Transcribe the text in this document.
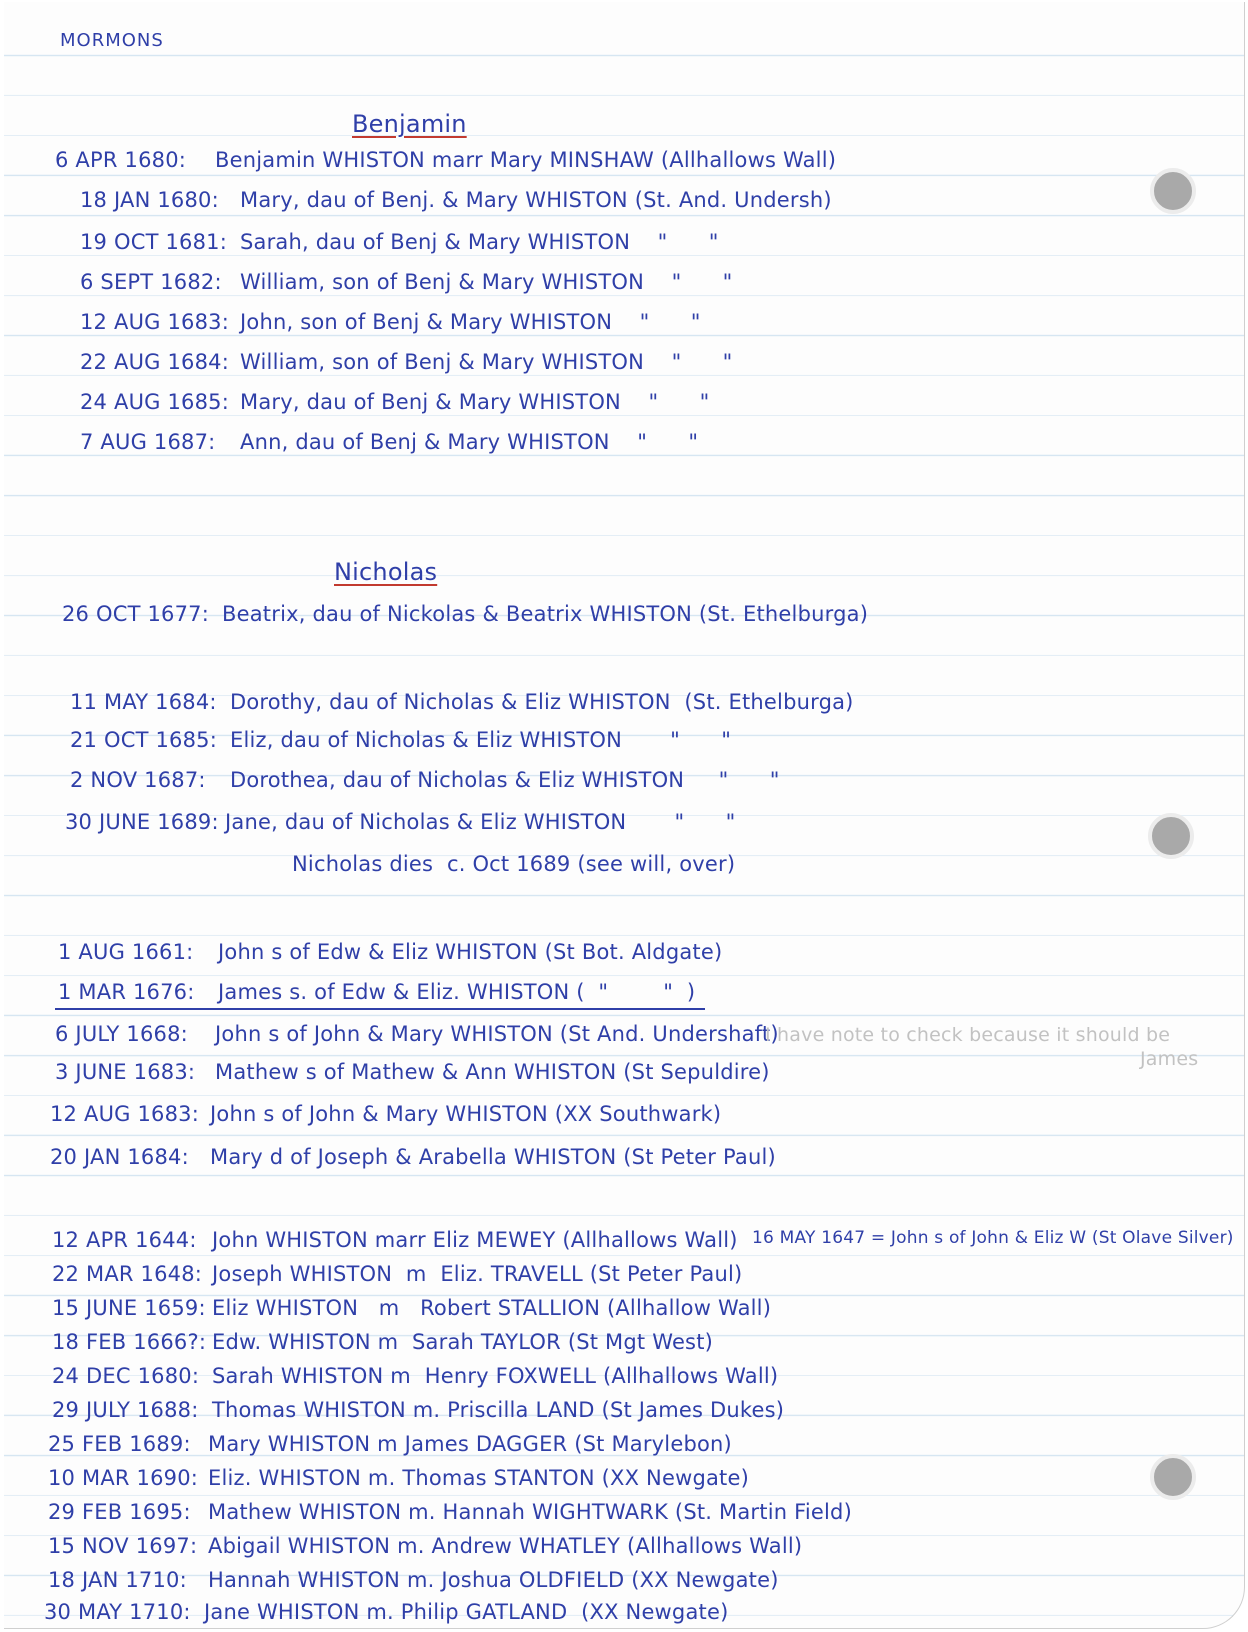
MORMONS
Benjamin
6 APR 1680: Benjamin WHISTON marr Mary MINSHAW (Allhallows Wall)
18 JAN 1680: Mary, dau of Benj. & Mary WHISTON (St. And. Undersh)
19 OCT 1681: Sarah, dau of Benj & Mary WHISTON    "      "
6 SEPT 1682: William, son of Benj & Mary WHISTON    "      "
12 AUG 1683: John, son of Benj & Mary WHISTON    "      "
22 AUG 1684: William, son of Benj & Mary WHISTON    "      "
24 AUG 1685: Mary, dau of Benj & Mary WHISTON    "      "
7 AUG 1687: Ann, dau of Benj & Mary WHISTON    "      "
Nicholas
26 OCT 1677: Beatrix, dau of Nickolas & Beatrix WHISTON (St. Ethelburga)
11 MAY 1684: Dorothy, dau of Nicholas & Eliz WHISTON  (St. Ethelburga)
21 OCT 1685: Eliz, dau of Nicholas & Eliz WHISTON       "      "
2 NOV 1687: Dorothea, dau of Nicholas & Eliz WHISTON     "      "
30 JUNE 1689: Jane, dau of Nicholas & Eliz WHISTON       "      "
Nicholas dies  c. Oct 1689 (see will, over)
1 AUG 1661: John s of Edw & Eliz WHISTON (St Bot. Aldgate)
1 MAR 1676: James s. of Edw & Eliz. WHISTON (  "        "  )
6 JULY 1668: John s of John & Mary WHISTON (St And. Undershaft)
3 JUNE 1683: Mathew s of Mathew & Ann WHISTON (St Sepuldire)
12 AUG 1683: John s of John & Mary WHISTON (XX Southwark)
20 JAN 1684: Mary d of Joseph & Arabella WHISTON (St Peter Paul)
I have note to check because it should be
James
12 APR 1644: John WHISTON marr Eliz MEWEY (Allhallows Wall)
22 MAR 1648: Joseph WHISTON  m  Eliz. TRAVELL (St Peter Paul)
15 JUNE 1659: Eliz WHISTON   m   Robert STALLION (Allhallow Wall)
18 FEB 1666?: Edw. WHISTON m  Sarah TAYLOR (St Mgt West)
24 DEC 1680: Sarah WHISTON m  Henry FOXWELL (Allhallows Wall)
29 JULY 1688: Thomas WHISTON m. Priscilla LAND (St James Dukes)
25 FEB 1689: Mary WHISTON m James DAGGER (St Marylebon)
10 MAR 1690: Eliz. WHISTON m. Thomas STANTON (XX Newgate)
29 FEB 1695: Mathew WHISTON m. Hannah WIGHTWARK (St. Martin Field)
15 NOV 1697: Abigail WHISTON m. Andrew WHATLEY (Allhallows Wall)
18 JAN 1710: Hannah WHISTON m. Joshua OLDFIELD (XX Newgate)
30 MAY 1710: Jane WHISTON m. Philip GATLAND  (XX Newgate)
16 MAY 1647 = John s of John & Eliz W (St Olave Silver)
